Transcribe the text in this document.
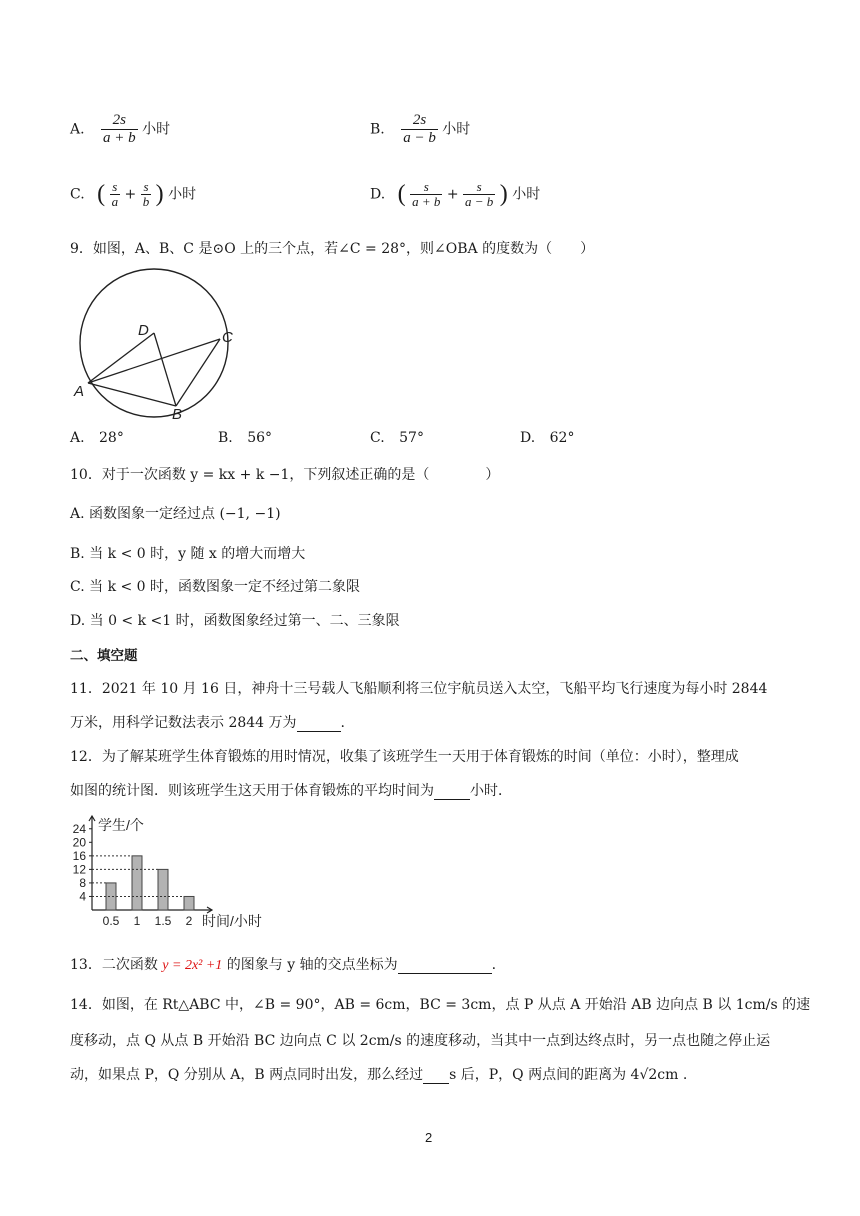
A. $\frac{2s}{a + b}$ 小时	B. $\frac{2s}{a - b}$ 小时
C. ( $\frac{s}{a} + \frac{s}{b}$ ) 小时	D. ( $\frac{s}{a + b} + \frac{s}{a - b}$ ) 小时
9．如图，A、B、C 是⊙O 上的三个点，若∠C = 28°，则∠OBA 的度数为（　　）
D	C
A
B
A. 28°	B. 56°	C. 57°	D. 62°
10．对于一次函数 y = kx + k −1，下列叙述正确的是（　　　　）
A. 函数图象一定经过点 (−1, −1)
B. 当 k < 0 时，y 随 x 的增大而增大
C. 当 k < 0 时，函数图象一定不经过第二象限
D. 当 0 < k <1 时，函数图象经过第一、二、三象限
二、填空题
11．2021 年 10 月 16 日，神舟十三号载人飞船顺利将三位宇航员送入太空，飞船平均飞行速度为每小时 2844
万米，用科学记数法表示 2844 万为	.
12．为了解某班学生体育锻炼的用时情况，收集了该班学生一天用于体育锻炼的时间（单位：小时），整理成
如图的统计图．则该班学生这天用于体育锻炼的平均时间为	小时．
4
8
12
16
20
24
0.5 1 1.5 2
学生/个
时间/小时
13．二次函数 y = 2x² +1 的图象与 y 轴的交点坐标为	.
14．如图，在 Rt△ABC 中，∠B = 90°，AB = 6cm，BC = 3cm，点 P 从点 A 开始沿 AB 边向点 B 以 1cm/s 的速
度移动，点 Q 从点 B 开始沿 BC 边向点 C 以 2cm/s 的速度移动，当其中一点到达终点时，另一点也随之停止运
动，如果点 P，Q 分别从 A，B 两点同时出发，那么经过 s 后，P，Q 两点间的距离为 4√2cm .
2
